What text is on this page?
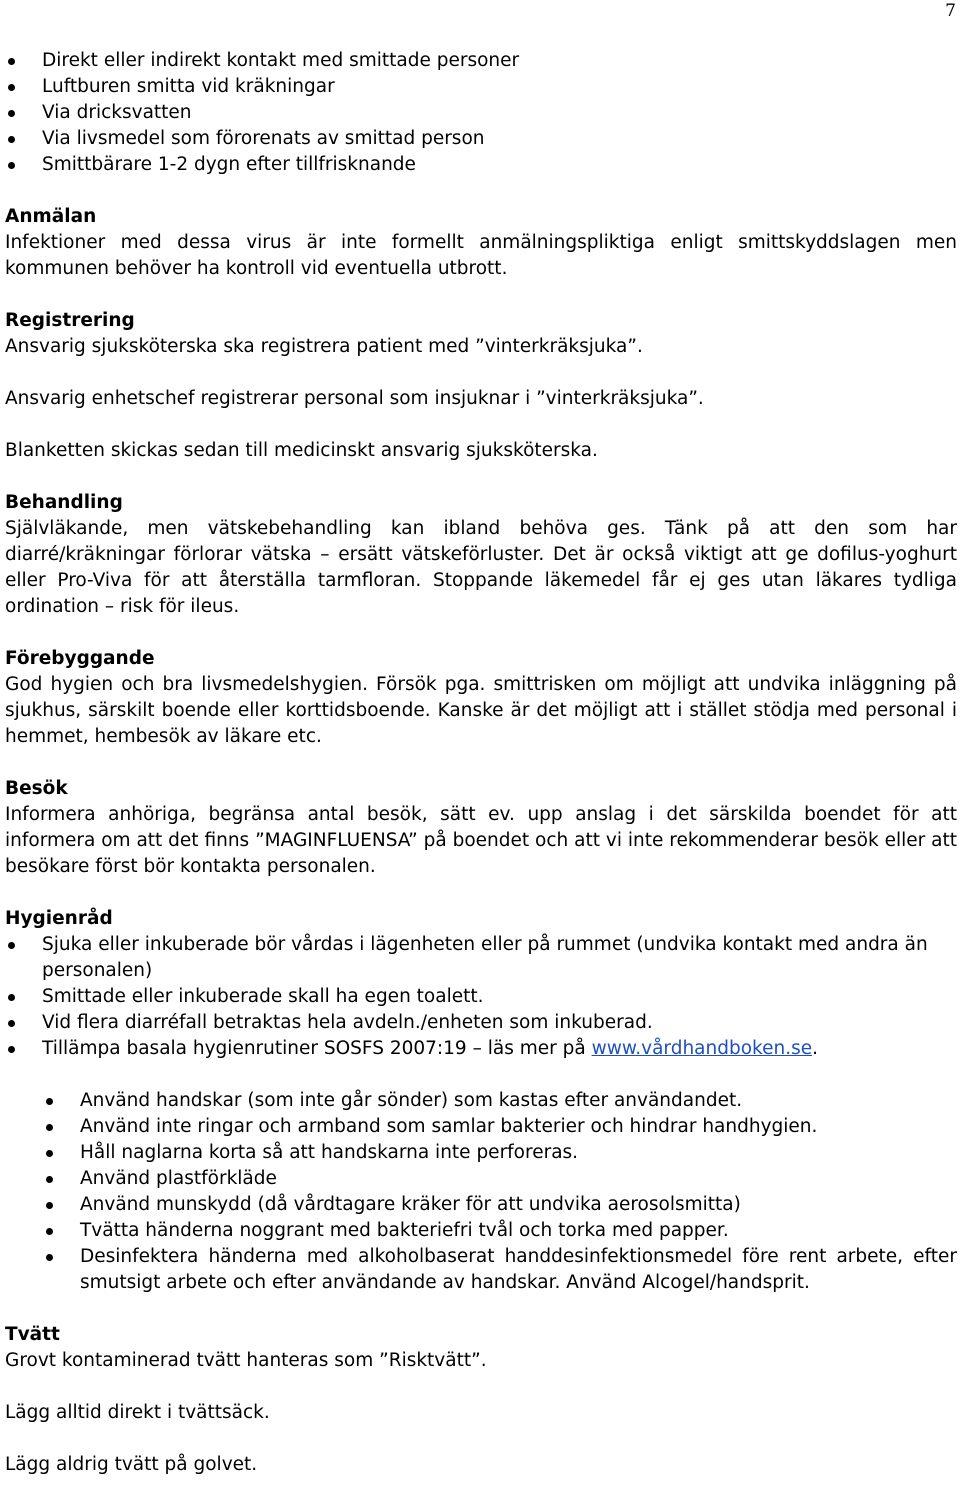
7
Direkt eller indirekt kontakt med smittade personer
Luftburen smitta vid kräkningar
Via dricksvatten
Via livsmedel som förorenats av smittad person
Smittbärare 1-2 dygn efter tillfrisknande

Anmälan

Infektioner med dessa virus är inte formellt anmälningspliktiga enligt smittskyddslagen men kommunen behöver ha kontroll vid eventuella utbrott.

Registrering

Ansvarig sjuksköterska ska registrera patient med ”vinterkräksjuka”.

Ansvarig enhetschef registrerar personal som insjuknar i ”vinterkräksjuka”.

Blanketten skickas sedan till medicinskt ansvarig sjuksköterska.

Behandling

Självläkande, men vätskebehandling kan ibland behöva ges. Tänk på att den som har diarré/kräkningar förlorar vätska – ersätt vätskeförluster. Det är också viktigt att ge dofilus-yoghurt eller Pro-Viva för att återställa tarmfloran. Stoppande läkemedel får ej ges utan läkares tydliga ordination – risk för ileus.

Förebyggande

God hygien och bra livsmedelshygien. Försök pga. smittrisken om möjligt att undvika inläggning på sjukhus, särskilt boende eller korttidsboende. Kanske är det möjligt att i stället stödja med personal i hemmet, hembesök av läkare etc.

Besök

Informera anhöriga, begränsa antal besök, sätt ev. upp anslag i det särskilda boendet för att informera om att det finns ”MAGINFLUENSA” på boendet och att vi inte rekommenderar besök eller att besökare först bör kontakta personalen.

Hygienråd

Sjuka eller inkuberade bör vårdas i lägenheten eller på rummet (undvika kontakt med andra än personalen)
Smittade eller inkuberade skall ha egen toalett.
Vid flera diarréfall betraktas hela avdeln./enheten som inkuberad.
Tillämpa basala hygienrutiner SOSFS 2007:19 – läs mer på www.vårdhandboken.se.
Använd handskar (som inte går sönder) som kastas efter användandet.
Använd inte ringar och armband som samlar bakterier och hindrar handhygien.
Håll naglarna korta så att handskarna inte perforeras.
Använd plastförkläde
Använd munskydd (då vårdtagare kräker för att undvika aerosolsmitta)
Tvätta händerna noggrant med bakteriefri tvål och torka med papper.
Desinfektera händerna med alkoholbaserat handdesinfektionsmedel före rent arbete, efter smutsigt arbete och efter användande av handskar. Använd Alcogel/handsprit.

Tvätt

Grovt kontaminerad tvätt hanteras som ”Risktvätt”.

Lägg alltid direkt i tvättsäck.

Lägg aldrig tvätt på golvet.
